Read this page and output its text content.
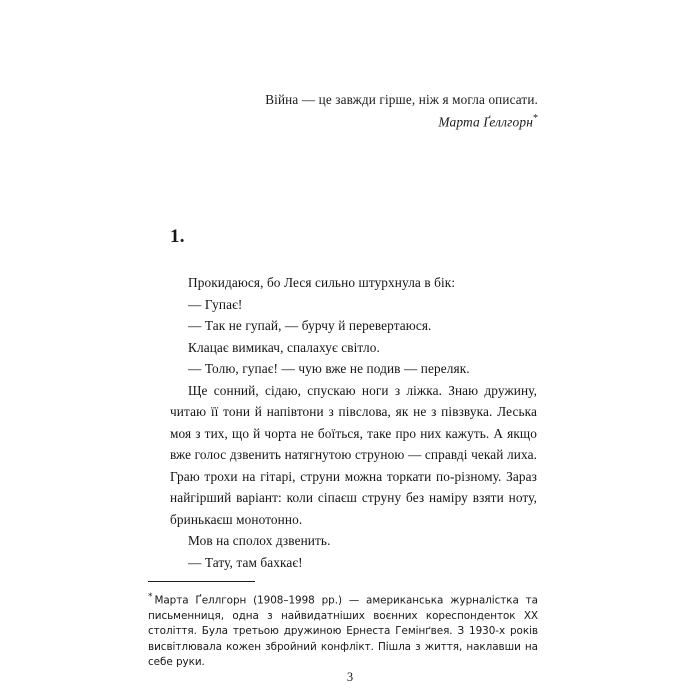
Війна — це завжди гірше, ніж я могла описати.
Марта Ґеллгорн*
1.

Прокидаюся, бо Леся сильно штурхнула в бік:

— Гупає!

— Так не гупай, — бурчу й перевертаюся.

Клацає вимикач, спалахує світло.

— Толю, гупає! — чую вже не подив — переляк.

Ще сонний, сідаю, спускаю ноги з ліжка. Знаю дружину, читаю її тони й напівтони з півслова, як не з півзвука. Леська моя з тих, що й чорта не боїться, таке про них кажуть. А якщо вже голос дзвенить натягнутою струною — справді чекай лиха. Граю трохи на гітарі, струни можна торкати по-різному. Зараз найгірший варіант: коли сіпаєш струну без наміру взяти ноту, бринькаєш монотонно.

Мов на сполох дзвенить.

— Тату, там бахкає!

* Марта Ґеллгорн (1908–1998 рр.) — американська журналістка та письменниця, одна з найвидатніших воєнних кореспонденток ХХ століття. Була третьою дружиною Ернеста Гемінґвея. З 1930-х років висвітлювала кожен збройний конфлікт. Пішла з життя, наклавши на себе руки.

3
